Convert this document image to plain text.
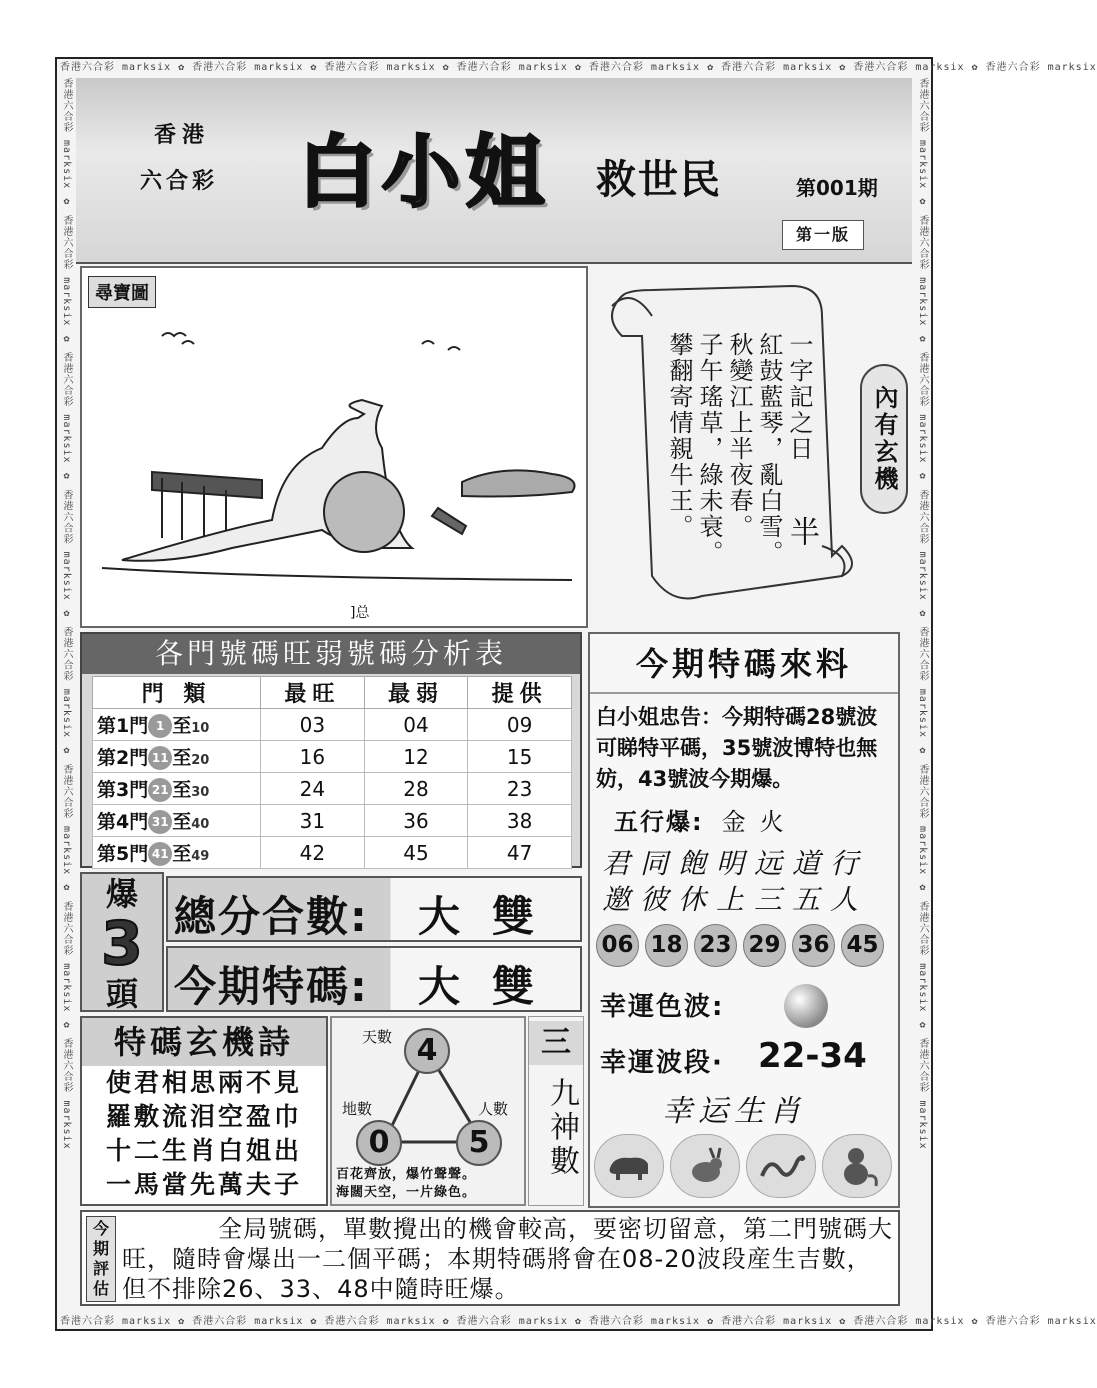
香港六合彩 marksix ✿ 香港六合彩 marksix ✿ 香港六合彩 marksix ✿ 香港六合彩 marksix ✿ 香港六合彩 marksix ✿ 香港六合彩 marksix ✿ 香港六合彩 marksix ✿ 香港六合彩 marksix
香港六合彩 marksix ✿ 香港六合彩 marksix ✿ 香港六合彩 marksix ✿ 香港六合彩 marksix ✿ 香港六合彩 marksix ✿ 香港六合彩 marksix ✿ 香港六合彩 marksix ✿ 香港六合彩 marksix
香港六合彩 marksix ✿ 香港六合彩 marksix ✿ 香港六合彩 marksix ✿ 香港六合彩 marksix ✿ 香港六合彩 marksix ✿ 香港六合彩 marksix ✿ 香港六合彩 marksix ✿ 香港六合彩 marksix	香港六合彩 marksix ✿ 香港六合彩 marksix ✿ 香港六合彩 marksix ✿ 香港六合彩 marksix ✿ 香港六合彩 marksix ✿ 香港六合彩 marksix ✿ 香港六合彩 marksix ✿ 香港六合彩 marksix
香港
六合彩 白小姐 救世民	第001期
第一版
尋寶圖
]总
一字記之日
紅鼓藍琴，亂白雪。
秋變江上半夜春。
子午瑤草，綠未衰。
攀翻寄情親牛王。	半
內有玄機
各門號碼旺弱號碼分析表
門 類	最旺	最弱	提供
第1門 1 至10	03	04	09
第2門 11 至20	16	12	15
第3門 21 至30	24	28	23
第4門 31 至40	31	36	38
第5門 41 至49	42	45	47
今期特碼來料
白小姐忠告：今期特碼28號波可睇特平碼，35號波博特也無妨，43號波今期爆。
五行爆: 金火
君同飽明远道行
邀彼休上三五人
06 18 23 29 36 45
幸運色波:
幸運波段· 22-34
幸运生肖
爆
3
頭
總分合數: 大雙
今期特碼: 大雙
特碼玄機詩
使君相思兩不見
羅敷流泪空盈巾
十二生肖白姐出
一馬當先萬夫子
天數 4
地數
0
人數
5
百花齊放，爆竹聲聲。
海闊天空，一片綠色。
三
九神數
今期評估
全局號碼，單數攪出的機會較高，要密切留意，第二門號碼大旺，隨時會爆出一二個平碼；本期特碼將會在08-20波段産生吉數，但不排除26、33、48中隨時旺爆。
